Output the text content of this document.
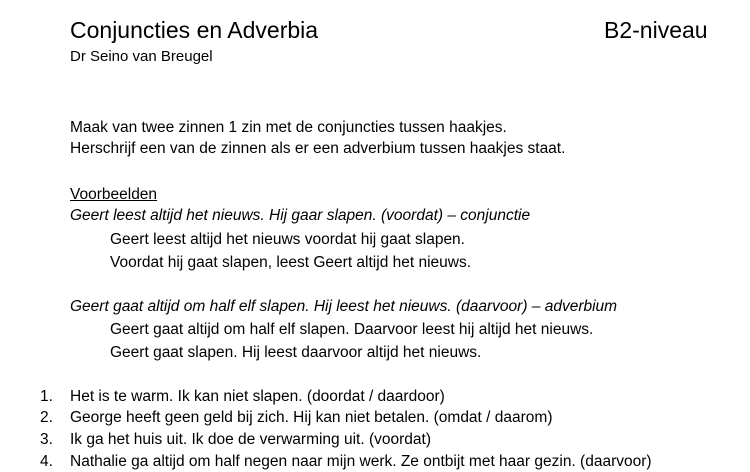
Conjuncties en Adverbia	B2-niveau
Dr Seino van Breugel
Maak van twee zinnen 1 zin met de conjuncties tussen haakjes.
Herschrijf een van de zinnen als er een adverbium tussen haakjes staat.
Voorbeelden
Geert leest altijd het nieuws. Hij gaar slapen. (voordat) – conjunctie
Geert leest altijd het nieuws voordat hij gaat slapen.
Voordat hij gaat slapen, leest Geert altijd het nieuws.
Geert gaat altijd om half elf slapen. Hij leest het nieuws. (daarvoor) – adverbium
Geert gaat altijd om half elf slapen. Daarvoor leest hij altijd het nieuws.
Geert gaat slapen. Hij leest daarvoor altijd het nieuws.
1. Het is te warm. Ik kan niet slapen. (doordat / daardoor)
2. George heeft geen geld bij zich. Hij kan niet betalen. (omdat / daarom)
3. Ik ga het huis uit. Ik doe de verwarming uit. (voordat)
4. Nathalie ga altijd om half negen naar mijn werk. Ze ontbijt met haar gezin. (daarvoor)
